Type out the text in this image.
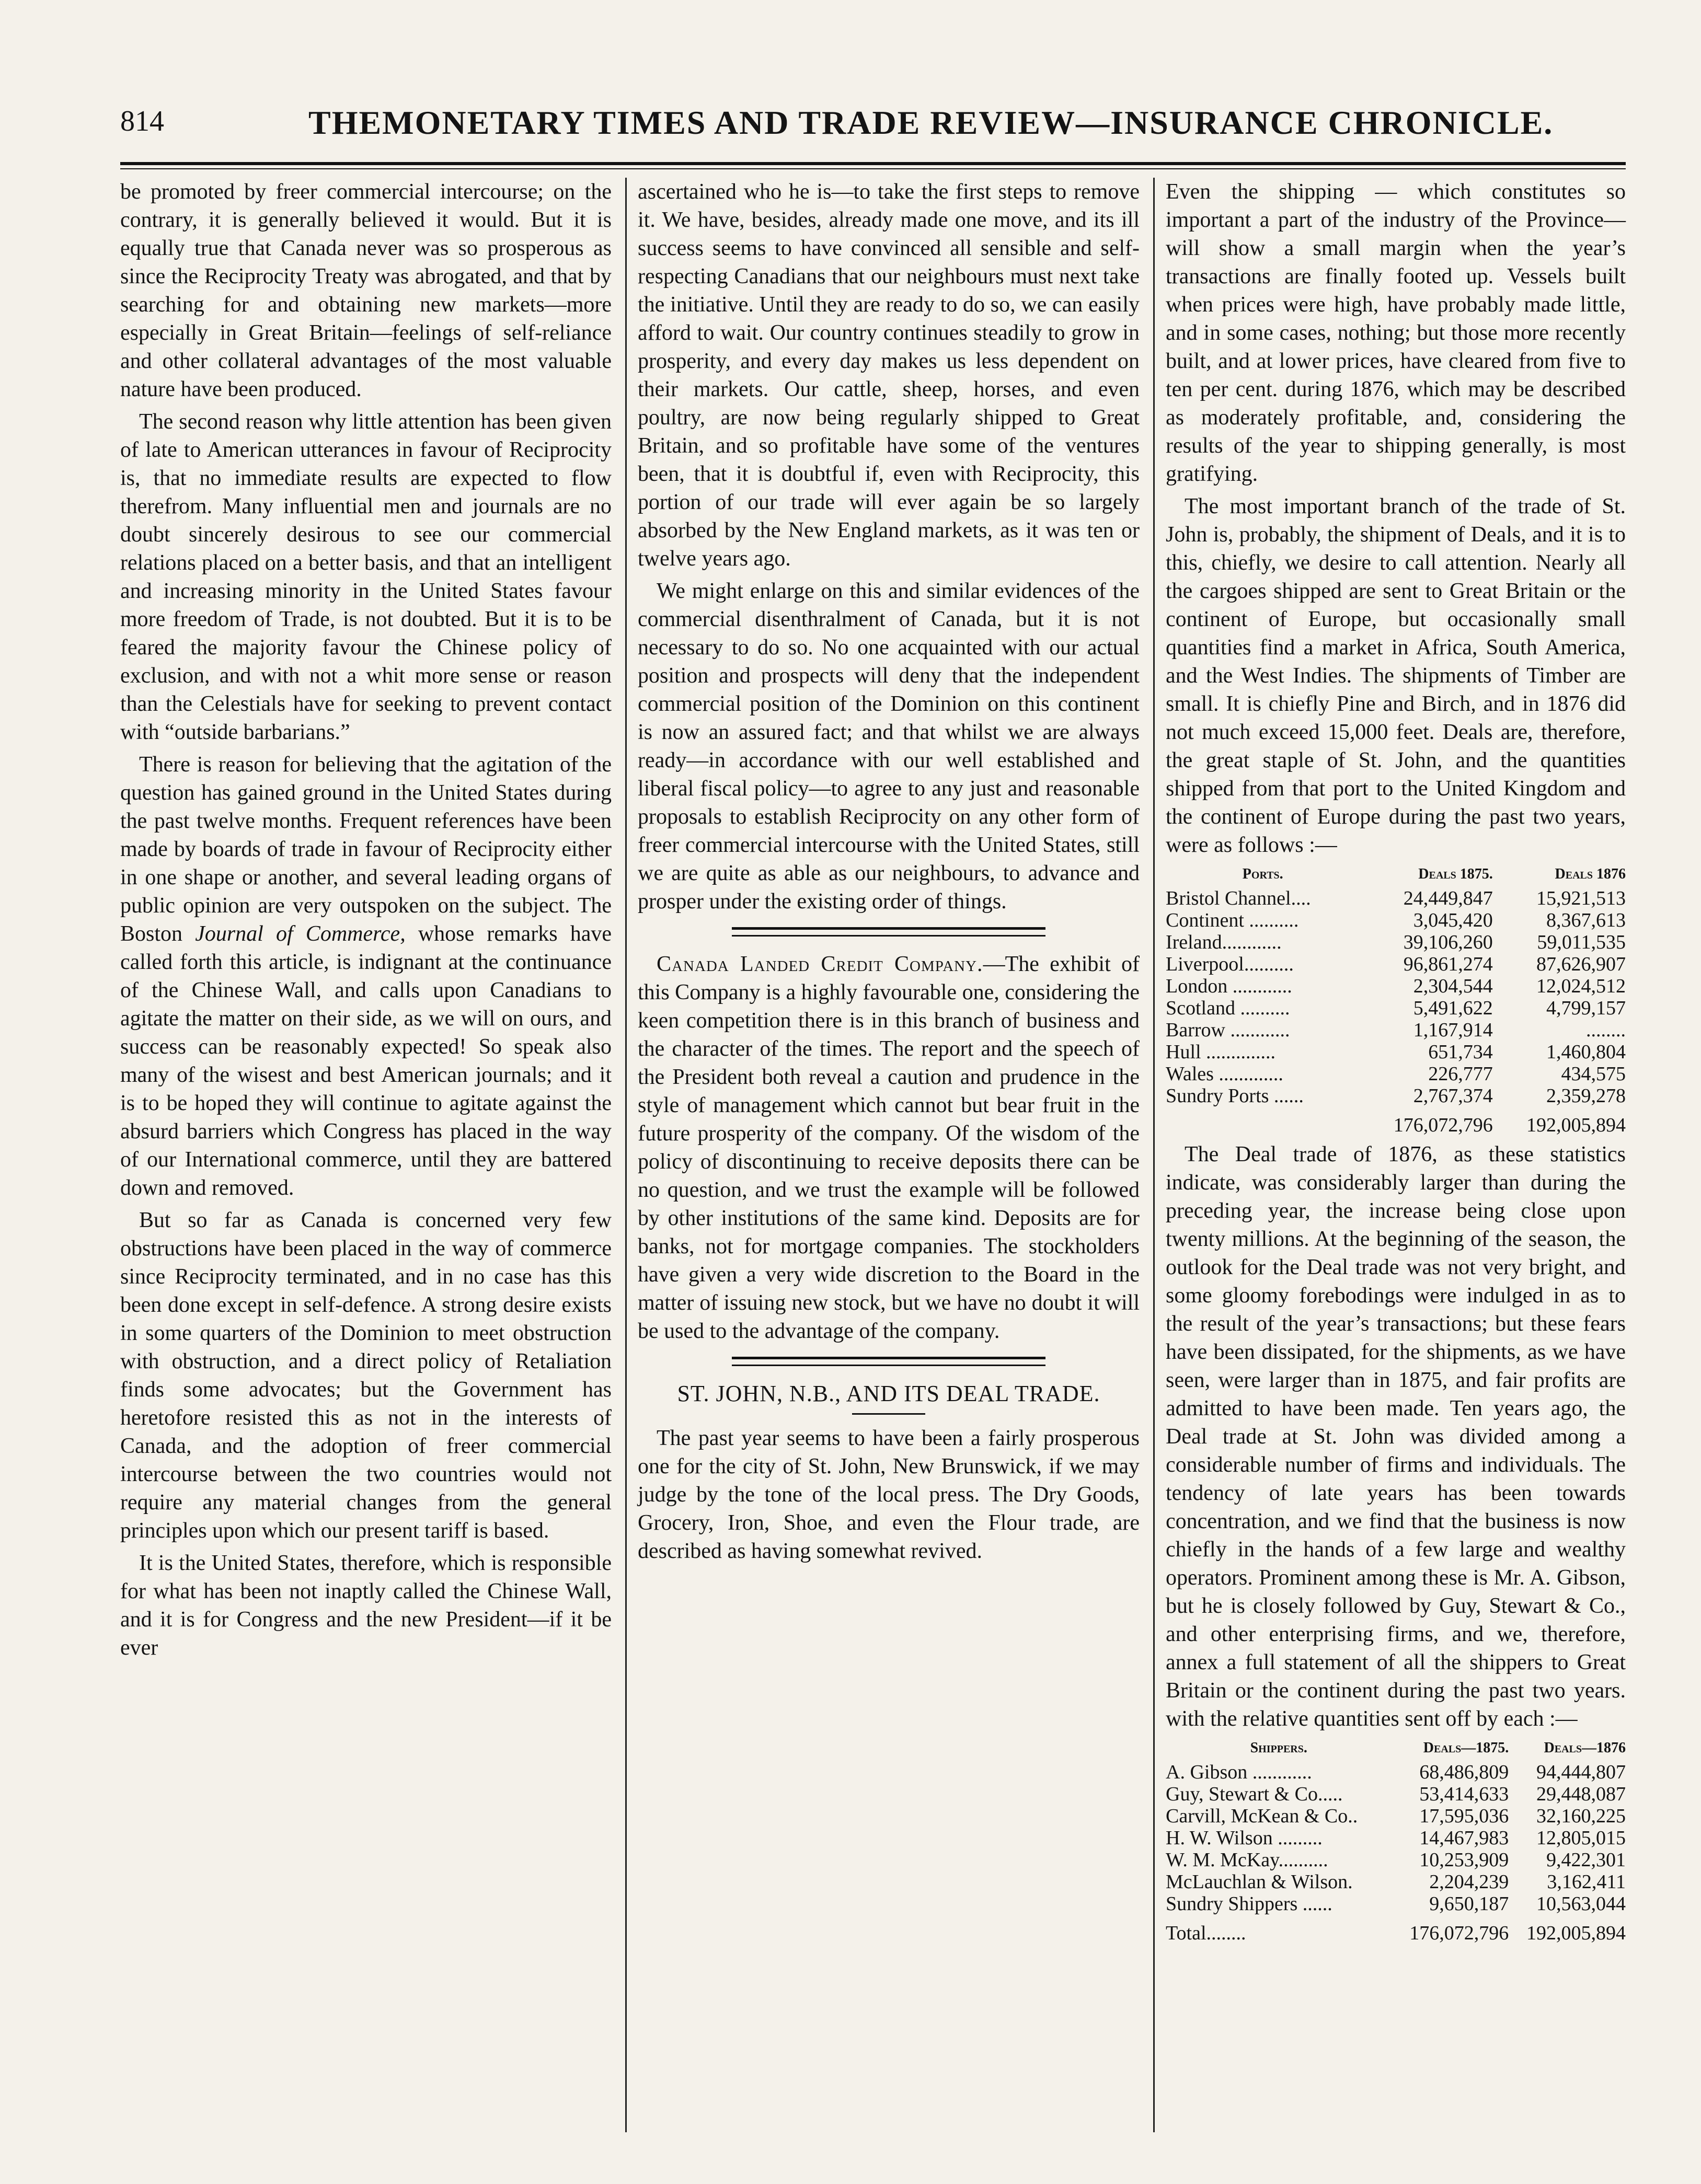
814	THEMONETARY TIMES AND TRADE REVIEW—INSURANCE CHRONICLE.

be promoted by freer commercial intercourse; on the contrary, it is generally believed it would. But it is equally true that Canada never was so prosperous as since the Reciprocity Treaty was abrogated, and that by searching for and obtaining new markets—more especially in Great Britain—feelings of self-reliance and other collateral advantages of the most valuable nature have been produced.

The second reason why little attention has been given of late to American utterances in favour of Reciprocity is, that no immediate results are expected to flow therefrom. Many influential men and journals are no doubt sincerely desirous to see our commercial relations placed on a better basis, and that an intelligent and increasing minority in the United States favour more freedom of Trade, is not doubted. But it is to be feared the majority favour the Chinese policy of exclusion, and with not a whit more sense or reason than the Celestials have for seeking to prevent contact with “outside barbarians.”

There is reason for believing that the agitation of the question has gained ground in the United States during the past twelve months. Frequent references have been made by boards of trade in favour of Reciprocity either in one shape or another, and several leading organs of public opinion are very outspoken on the subject. The Boston Journal of Commerce, whose remarks have called forth this article, is indignant at the continuance of the Chinese Wall, and calls upon Canadians to agitate the matter on their side, as we will on ours, and success can be reasonably expected! So speak also many of the wisest and best American journals; and it is to be hoped they will continue to agitate against the absurd barriers which Congress has placed in the way of our International commerce, until they are battered down and removed.

But so far as Canada is concerned very few obstructions have been placed in the way of commerce since Reciprocity terminated, and in no case has this been done except in self-defence. A strong desire exists in some quarters of the Dominion to meet obstruction with obstruction, and a direct policy of Retaliation finds some advocates; but the Government has heretofore resisted this as not in the interests of Canada, and the adoption of freer commercial intercourse between the two countries would not require any material changes from the general principles upon which our present tariff is based.

It is the United States, therefore, which is responsible for what has been not inaptly called the Chinese Wall, and it is for Congress and the new President—if it be ever

ascertained who he is—to take the first steps to remove it. We have, besides, already made one move, and its ill success seems to have convinced all sensible and self-respecting Canadians that our neighbours must next take the initiative. Until they are ready to do so, we can easily afford to wait. Our country continues steadily to grow in prosperity, and every day makes us less dependent on their markets. Our cattle, sheep, horses, and even poultry, are now being regularly shipped to Great Britain, and so profitable have some of the ventures been, that it is doubtful if, even with Reciprocity, this portion of our trade will ever again be so largely absorbed by the New England markets, as it was ten or twelve years ago.

We might enlarge on this and similar evidences of the commercial disenthralment of Canada, but it is not necessary to do so. No one acquainted with our actual position and prospects will deny that the independent commercial position of the Dominion on this continent is now an assured fact; and that whilst we are always ready—in accordance with our well established and liberal fiscal policy—to agree to any just and reasonable proposals to establish Reciprocity on any other form of freer commercial intercourse with the United States, still we are quite as able as our neighbours, to advance and prosper under the existing order of things.

Canada Landed Credit Company.—The exhibit of this Company is a highly favourable one, considering the keen competition there is in this branch of business and the character of the times. The report and the speech of the President both reveal a caution and prudence in the style of management which cannot but bear fruit in the future prosperity of the company. Of the wisdom of the policy of discontinuing to receive deposits there can be no question, and we trust the example will be followed by other institutions of the same kind. Deposits are for banks, not for mortgage companies. The stockholders have given a very wide discretion to the Board in the matter of issuing new stock, but we have no doubt it will be used to the advantage of the company.

ST. JOHN, N.B., AND ITS DEAL TRADE.

The past year seems to have been a fairly prosperous one for the city of St. John, New Brunswick, if we may judge by the tone of the local press. The Dry Goods, Grocery, Iron, Shoe, and even the Flour trade, are described as having somewhat revived.

Even the shipping — which constitutes so important a part of the industry of the Province—will show a small margin when the year’s transactions are finally footed up. Vessels built when prices were high, have probably made little, and in some cases, nothing; but those more recently built, and at lower prices, have cleared from five to ten per cent. during 1876, which may be described as moderately profitable, and, considering the results of the year to shipping generally, is most gratifying.

The most important branch of the trade of St. John is, probably, the shipment of Deals, and it is to this, chiefly, we desire to call attention. Nearly all the cargoes shipped are sent to Great Britain or the continent of Europe, but occasionally small quantities find a market in Africa, South America, and the West Indies. The shipments of Timber are small. It is chiefly Pine and Birch, and in 1876 did not much exceed 15,000 feet. Deals are, therefore, the great staple of St. John, and the quantities shipped from that port to the United Kingdom and the continent of Europe during the past two years, were as follows :—

Ports.	Deals 1875.	Deals 1876
Bristol Channel....	24,449,847	15,921,513
Continent ..........	3,045,420	8,367,613
Ireland............	39,106,260	59,011,535
Liverpool..........	96,861,274	87,626,907
London ............	2,304,544	12,024,512
Scotland ..........	5,491,622	4,799,157
Barrow ............	1,167,914	........
Hull ..............	651,734	1,460,804
Wales .............	226,777	434,575
Sundry Ports ......	2,767,374	2,359,278
	176,072,796	192,005,894

The Deal trade of 1876, as these statistics indicate, was considerably larger than during the preceding year, the increase being close upon twenty millions. At the beginning of the season, the outlook for the Deal trade was not very bright, and some gloomy forebodings were indulged in as to the result of the year’s transactions; but these fears have been dissipated, for the shipments, as we have seen, were larger than in 1875, and fair profits are admitted to have been made. Ten years ago, the Deal trade at St. John was divided among a considerable number of firms and individuals. The tendency of late years has been towards concentration, and we find that the business is now chiefly in the hands of a few large and wealthy operators. Prominent among these is Mr. A. Gibson, but he is closely followed by Guy, Stewart & Co., and other enterprising firms, and we, therefore, annex a full statement of all the shippers to Great Britain or the continent during the past two years. with the relative quantities sent off by each :—

Shippers.	Deals—1875.	Deals—1876
A. Gibson ............	68,486,809	94,444,807
Guy, Stewart & Co.....	53,414,633	29,448,087
Carvill, McKean & Co..	17,595,036	32,160,225
H. W. Wilson .........	14,467,983	12,805,015
W. M. McKay..........	10,253,909	9,422,301
McLauchlan & Wilson.	2,204,239	3,162,411
Sundry Shippers ......	9,650,187	10,563,044
Total........	176,072,796	192,005,894
